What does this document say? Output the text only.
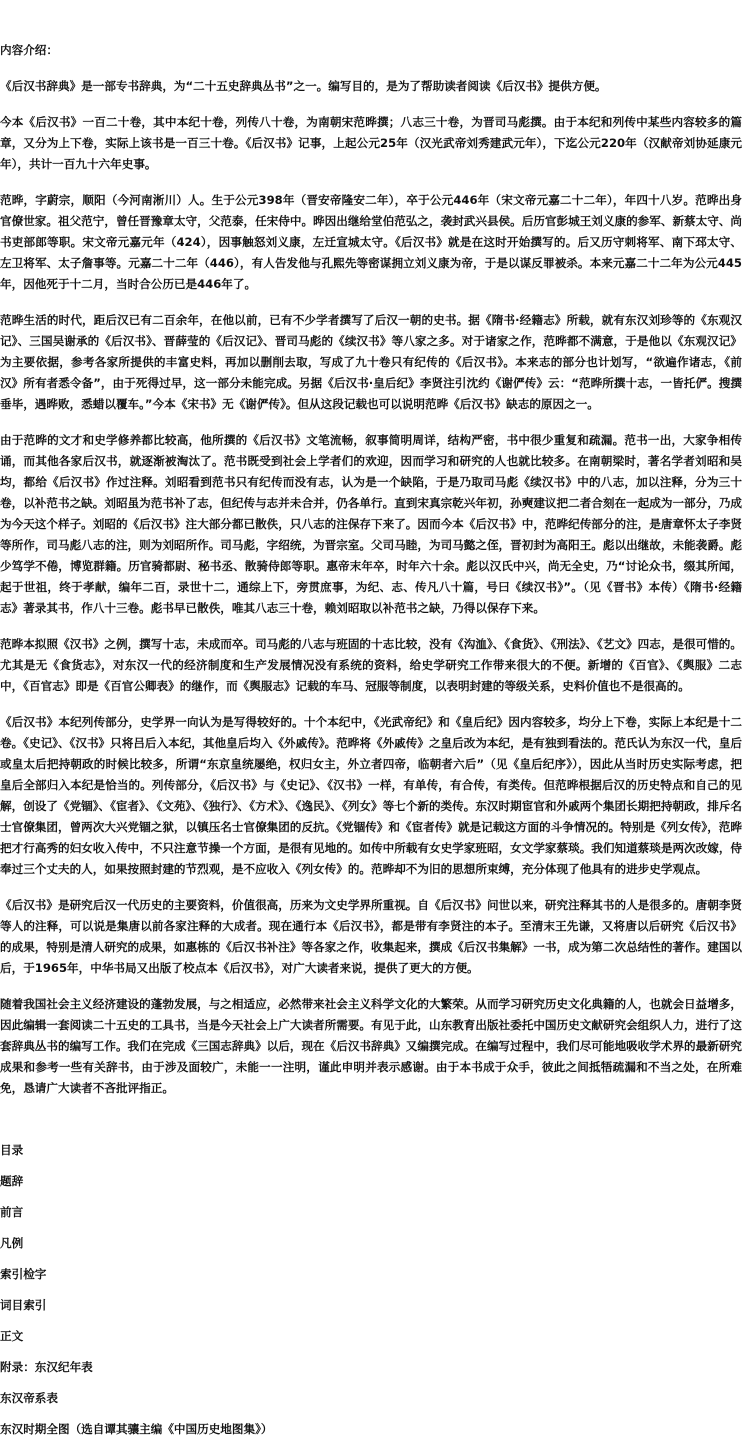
内容介绍：
《后汉书辞典》是一部专书辞典，为“二十五史辞典丛书”之一。编写目的，是为了帮助读者阅读《后汉书》提供方便。
今本《后汉书》一百二十卷，其中本纪十卷，列传八十卷，为南朝宋范晔撰；八志三十卷，为晋司马彪撰。由于本纪和列传中某些内容较多的篇章，又分为上下卷，实际上该书是一百三十卷。《后汉书》记事，上起公元25年（汉光武帝刘秀建武元年），下迄公元220年（汉献帝刘协延康元年），共计一百九十六年史事。
范晔，字蔚宗，顺阳（今河南淅川）人。生于公元398年（晋安帝隆安二年），卒于公元446年（宋文帝元嘉二十二年），年四十八岁。范晔出身官僚世家。祖父范宁，曾任晋豫章太守，父范泰，任宋侍中。晔因出继给堂伯范弘之，袭封武兴县侯。后历官彭城王刘义康的参军、新蔡太守、尚书吏部郎等职。宋文帝元嘉元年（424），因事触怒刘义康，左迁宣城太守。《后汉书》就是在这时开始撰写的。后又历守刺将军、南下邳太守、左卫将军、太子詹事等。元嘉二十二年（446），有人告发他与孔熙先等密谋拥立刘义康为帝，于是以谋反罪被杀。本来元嘉二十二年为公元445年，因他死于十二月，当时合公历已是446年了。
范晔生活的时代，距后汉已有二百余年，在他以前，已有不少学者撰写了后汉一朝的史书。据《隋书·经籍志》所载，就有东汉刘珍等的《东观汉记》、三国吴谢承的《后汉书》、晋薛莹的《后汉记》、晋司马彪的《续汉书》等八家之多。对于诸家之作，范晔都不满意，于是他以《东观汉记》为主要依据，参考各家所提供的丰富史料，再加以删削去取，写成了九十卷只有纪传的《后汉书》。本来志的部分也计划写，“欲遍作诸志，《前汉》所有者悉令备”，由于死得过早，这一部分未能完成。另据《后汉书·皇后纪》李贤注引沈约《谢俨传》云：“范晔所撰十志，一皆托俨。搜撰垂毕，遇晔败，悉蜡以覆车。”今本《宋书》无《谢俨传》。但从这段记载也可以说明范晔《后汉书》缺志的原因之一。
由于范晔的文才和史学修养都比较高，他所撰的《后汉书》文笔流畅，叙事简明周详，结构严密，书中很少重复和疏漏。范书一出，大家争相传诵，而其他各家后汉书，就逐渐被淘汰了。范书既受到社会上学者们的欢迎，因而学习和研究的人也就比较多。在南朝梁时，著名学者刘昭和吴均，都给《后汉书》作过注释。刘昭看到范书只有纪传而没有志，认为是一个缺陷，于是乃取司马彪《续汉书》中的八志，加以注释，分为三十卷，以补范书之缺。刘昭虽为范书补了志，但纪传与志并未合并，仍各单行。直到宋真宗乾兴年初，孙奭建议把二者合刻在一起成为一部分，乃成为今天这个样子。刘昭的《后汉书》注大部分都已散佚，只八志的注保存下来了。因而今本《后汉书》中，范晔纪传部分的注，是唐章怀太子李贤等所作，司马彪八志的注，则为刘昭所作。司马彪，字绍统，为晋宗室。父司马睦，为司马懿之侄，晋初封为高阳王。彪以出继故，未能袭爵。彪少笃学不倦，博览群籍。历官骑都尉、秘书丞、散骑侍郎等职。惠帝末年卒，时年六十余。彪以汉氏中兴，尚无全史，乃“讨论众书，缀其所闻，起于世祖，终于孝献，编年二百，录世十二，通综上下，旁贯庶事，为纪、志、传凡八十篇，号曰《续汉书》”。（见《晋书》本传）《隋书·经籍志》著录其书，作八十三卷。彪书早已散佚，唯其八志三十卷，赖刘昭取以补范书之缺，乃得以保存下来。
范晔本拟照《汉书》之例，撰写十志，未成而卒。司马彪的八志与班固的十志比较，没有《沟洫》、《食货》、《刑法》、《艺文》四志，是很可惜的。尤其是无《食货志》，对东汉一代的经济制度和生产发展情况没有系统的资料，给史学研究工作带来很大的不便。新增的《百官》、《舆服》二志中，《百官志》即是《百官公卿表》的继作，而《舆服志》记载的车马、冠服等制度，以表明封建的等级关系，史料价值也不是很高的。
《后汉书》本纪列传部分，史学界一向认为是写得较好的。十个本纪中，《光武帝纪》和《皇后纪》因内容较多，均分上下卷，实际上本纪是十二卷。《史记》、《汉书》只将吕后入本纪，其他皇后均入《外戚传》。范晔将《外戚传》之皇后改为本纪，是有独到看法的。范氏认为东汉一代，皇后或皇太后把持朝政的时候比较多，所谓“东京皇统屡绝，权归女主，外立者四帝，临朝者六后”（见《皇后纪序》），因此从当时历史实际考虑，把皇后全部归入本纪是恰当的。列传部分，《后汉书》与《史记》、《汉书》一样，有单传，有合传，有类传。但范晔根据后汉的历史特点和自己的见解，创设了《党锢》、《宦者》、《文苑》、《独行》、《方术》、《逸民》、《列女》等七个新的类传。东汉时期宦官和外戚两个集团长期把持朝政，排斥名士官僚集团，曾两次大兴党锢之狱，以镇压名士官僚集团的反抗。《党锢传》和《宦者传》就是记载这方面的斗争情况的。特别是《列女传》，范晔把才行高秀的妇女收入传中，不只注意节操一个方面，是很有见地的。如传中所载有女史学家班昭，女文学家蔡琰。我们知道蔡琰是两次改嫁，侍奉过三个丈夫的人，如果按照封建的节烈观，是不应收入《列女传》的。范晔却不为旧的思想所束缚，充分体现了他具有的进步史学观点。
《后汉书》是研究后汉一代历史的主要资料，价值很高，历来为文史学界所重视。自《后汉书》问世以来，研究注释其书的人是很多的。唐朝李贤等人的注释，可以说是集唐以前各家注释的大成者。现在通行本《后汉书》，都是带有李贤注的本子。至清末王先谦，又将唐以后研究《后汉书》的成果，特别是清人研究的成果，如惠栋的《后汉书补注》等各家之作，收集起来，撰成《后汉书集解》一书，成为第二次总结性的著作。建国以后，于1965年，中华书局又出版了校点本《后汉书》，对广大读者来说，提供了更大的方便。
随着我国社会主义经济建设的蓬勃发展，与之相适应，必然带来社会主义科学文化的大繁荣。从而学习研究历史文化典籍的人，也就会日益增多，因此编辑一套阅读二十五史的工具书，当是今天社会上广大读者所需要。有见于此，山东教育出版社委托中国历史文献研究会组织人力，进行了这套辞典丛书的编写工作。我们在完成《三国志辞典》以后，现在《后汉书辞典》又编撰完成。在编写过程中，我们尽可能地吸收学术界的最新研究成果和参考一些有关辞书，由于涉及面较广，未能一一注明，谨此申明并表示感谢。由于本书成于众手，彼此之间抵牾疏漏和不当之处，在所难免，恳请广大读者不吝批评指正。
目录
题辞
前言
凡例
索引检字
词目索引
正文
附录：东汉纪年表
东汉帝系表
东汉时期全图（选自谭其骧主编《中国历史地图集》）
